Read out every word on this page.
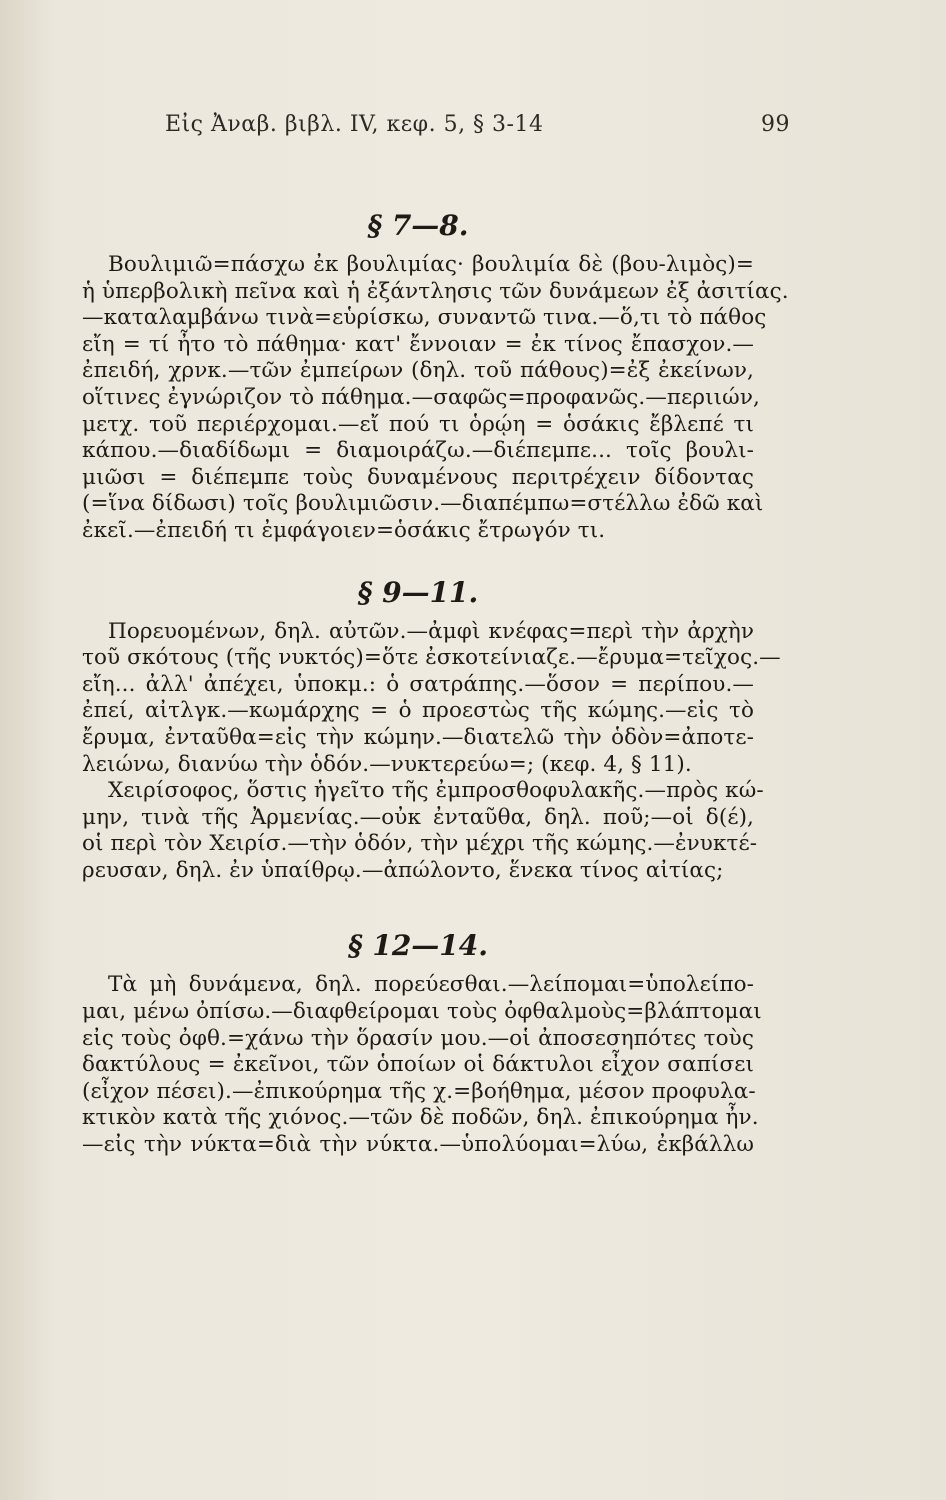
Εἰς Ἀναβ. βιβλ. IV, κεφ. 5, § 3-14	99
§ 7—8.

Βουλιμιῶ=πάσχω ἐκ βουλιμίας· βουλιμία δὲ (βου-λιμὸς)=

ἡ ὑπερβολικὴ πεῖνα καὶ ἡ ἐξάντλησις τῶν δυνάμεων ἐξ ἀσιτίας.

—καταλαμβάνω τινὰ=εὑρίσκω, συναντῶ τινα.—ὅ,τι τὸ πάθος

εἴη = τί ἦτο τὸ πάθημα· κατ' ἔννοιαν = ἐκ τίνος ἔπασχον.—

ἐπειδή, χρνκ.—τῶν ἐμπείρων (δηλ. τοῦ πάθους)=ἐξ ἐκείνων,

οἵτινες ἐγνώριζον τὸ πάθημα.—σαφῶς=προφανῶς.—περιιών,

μετχ. τοῦ περιέρχομαι.—εἴ πού τι ὁρῴη = ὁσάκις ἔβλεπέ τι

κάπου.—διαδίδωμι = διαμοιράζω.—διέπεμπε... τοῖς βουλι-

μιῶσι = διέπεμπε τοὺς δυναμένους περιτρέχειν δίδοντας

(=ἵνα δίδωσι) τοῖς βουλιμιῶσιν.—διαπέμπω=στέλλω ἐδῶ καὶ

ἐκεῖ.—ἐπειδή τι ἐμφάγοιεν=ὁσάκις ἔτρωγόν τι.

§ 9—11.

Πορευομένων, δηλ. αὐτῶν.—ἀμφὶ κνέφας=περὶ τὴν ἀρχὴν

τοῦ σκότους (τῆς νυκτός)=ὅτε ἐσκοτείνιαζε.—ἔρυμα=τεῖχος.—

εἴη... ἀλλ' ἀπέχει, ὑποκμ.: ὁ σατράπης.—ὅσον = περίπου.—

ἐπεί, αἰτλγκ.—κωμάρχης = ὁ προεστὼς τῆς κώμης.—εἰς τὸ

ἔρυμα, ἐνταῦθα=εἰς τὴν κώμην.—διατελῶ τὴν ὁδὸν=ἀποτε-

λειώνω, διανύω τὴν ὁδόν.—νυκτερεύω=; (κεφ. 4, § 11).

Χειρίσοφος, ὅστις ἡγεῖτο τῆς ἐμπροσθοφυλακῆς.—πρὸς κώ-

μην, τινὰ τῆς Ἀρμενίας.—οὐκ ἐνταῦθα, δηλ. ποῦ;—οἱ δ(έ),

οἱ περὶ τὸν Χειρίσ.—τὴν ὁδόν, τὴν μέχρι τῆς κώμης.—ἐνυκτέ-

ρευσαν, δηλ. ἐν ὑπαίθρῳ.—ἀπώλοντο, ἕνεκα τίνος αἰτίας;

§ 12—14.

Τὰ μὴ δυνάμενα, δηλ. πορεύεσθαι.—λείπομαι=ὑπολείπο-

μαι, μένω ὀπίσω.—διαφθείρομαι τοὺς ὀφθαλμοὺς=βλάπτομαι

εἰς τοὺς ὀφθ.=χάνω τὴν ὅρασίν μου.—οἱ ἀποσεσηπότες τοὺς

δακτύλους = ἐκεῖνοι, τῶν ὁποίων οἱ δάκτυλοι εἶχον σαπίσει

(εἶχον πέσει).—ἐπικούρημα τῆς χ.=βοήθημα, μέσον προφυλα-

κτικὸν κατὰ τῆς χιόνος.—τῶν δὲ ποδῶν, δηλ. ἐπικούρημα ἦν.

—εἰς τὴν νύκτα=διὰ τὴν νύκτα.—ὑπολύομαι=λύω, ἐκβάλλω
